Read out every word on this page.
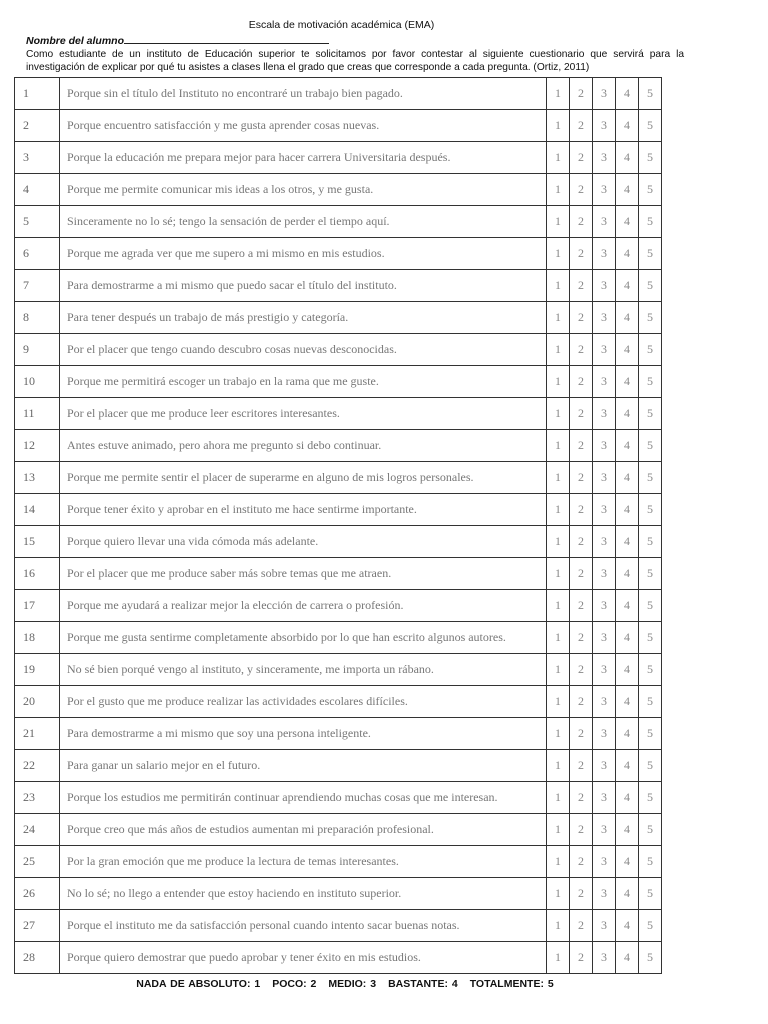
Escala de motivación académica (EMA)
Nombre del alumno
Como estudiante de un instituto de Educación superior te solicitamos por favor contestar al siguiente cuestionario que servirá para la investigación de explicar por qué tu asistes a clases llena el grado que creas que corresponde a cada pregunta. (Ortiz, 2011)
1	Porque sin el título del Instituto no encontraré un trabajo bien pagado.	1	2	3	4	5
2	Porque encuentro satisfacción y me gusta aprender cosas nuevas.	1	2	3	4	5
3	Porque la educación me prepara mejor para hacer carrera Universitaria después.	1	2	3	4	5
4	Porque me permite comunicar mis ideas a los otros, y me gusta.	1	2	3	4	5
5	Sinceramente no lo sé; tengo la sensación de perder el tiempo aquí.	1	2	3	4	5
6	Porque me agrada ver que me supero a mi mismo en mis estudios.	1	2	3	4	5
7	Para demostrarme a mi mismo que puedo sacar el título del instituto.	1	2	3	4	5
8	Para tener después un trabajo de más prestigio y categoría.	1	2	3	4	5
9	Por el placer que tengo cuando descubro cosas nuevas desconocidas.	1	2	3	4	5
10	Porque me permitirá escoger un trabajo en la rama que me guste.	1	2	3	4	5
11	Por el placer que me produce leer escritores interesantes.	1	2	3	4	5
12	Antes estuve animado, pero ahora me pregunto si debo continuar.	1	2	3	4	5
13	Porque me permite sentir el placer de superarme en alguno de mis logros personales.	1	2	3	4	5
14	Porque tener éxito y aprobar en el instituto me hace sentirme importante.	1	2	3	4	5
15	Porque quiero llevar una vida cómoda más adelante.	1	2	3	4	5
16	Por el placer que me produce saber más sobre temas que me atraen.	1	2	3	4	5
17	Porque me ayudará a realizar mejor la elección de carrera o profesión.	1	2	3	4	5
18	Porque me gusta sentirme completamente absorbido por lo que han escrito algunos autores.	1	2	3	4	5
19	No sé bien porqué vengo al instituto, y sinceramente, me importa un rábano.	1	2	3	4	5
20	Por el gusto que me produce realizar las actividades escolares difíciles.	1	2	3	4	5
21	Para demostrarme a mi mismo que soy una persona inteligente.	1	2	3	4	5
22	Para ganar un salario mejor en el futuro.	1	2	3	4	5
23	Porque los estudios me permitirán continuar aprendiendo muchas cosas que me interesan.	1	2	3	4	5
24	Porque creo que más años de estudios aumentan mi preparación profesional.	1	2	3	4	5
25	Por la gran emoción que me produce la lectura de temas interesantes.	1	2	3	4	5
26	No lo sé; no llego a entender que estoy haciendo en instituto superior.	1	2	3	4	5
27	Porque el instituto me da satisfacción personal cuando intento sacar buenas notas.	1	2	3	4	5
28	Porque quiero demostrar que puedo aprobar y tener éxito en mis estudios.	1	2	3	4	5
NADA DE ABSOLUTO: 1 POCO: 2 MEDIO: 3 BASTANTE: 4 TOTALMENTE: 5
